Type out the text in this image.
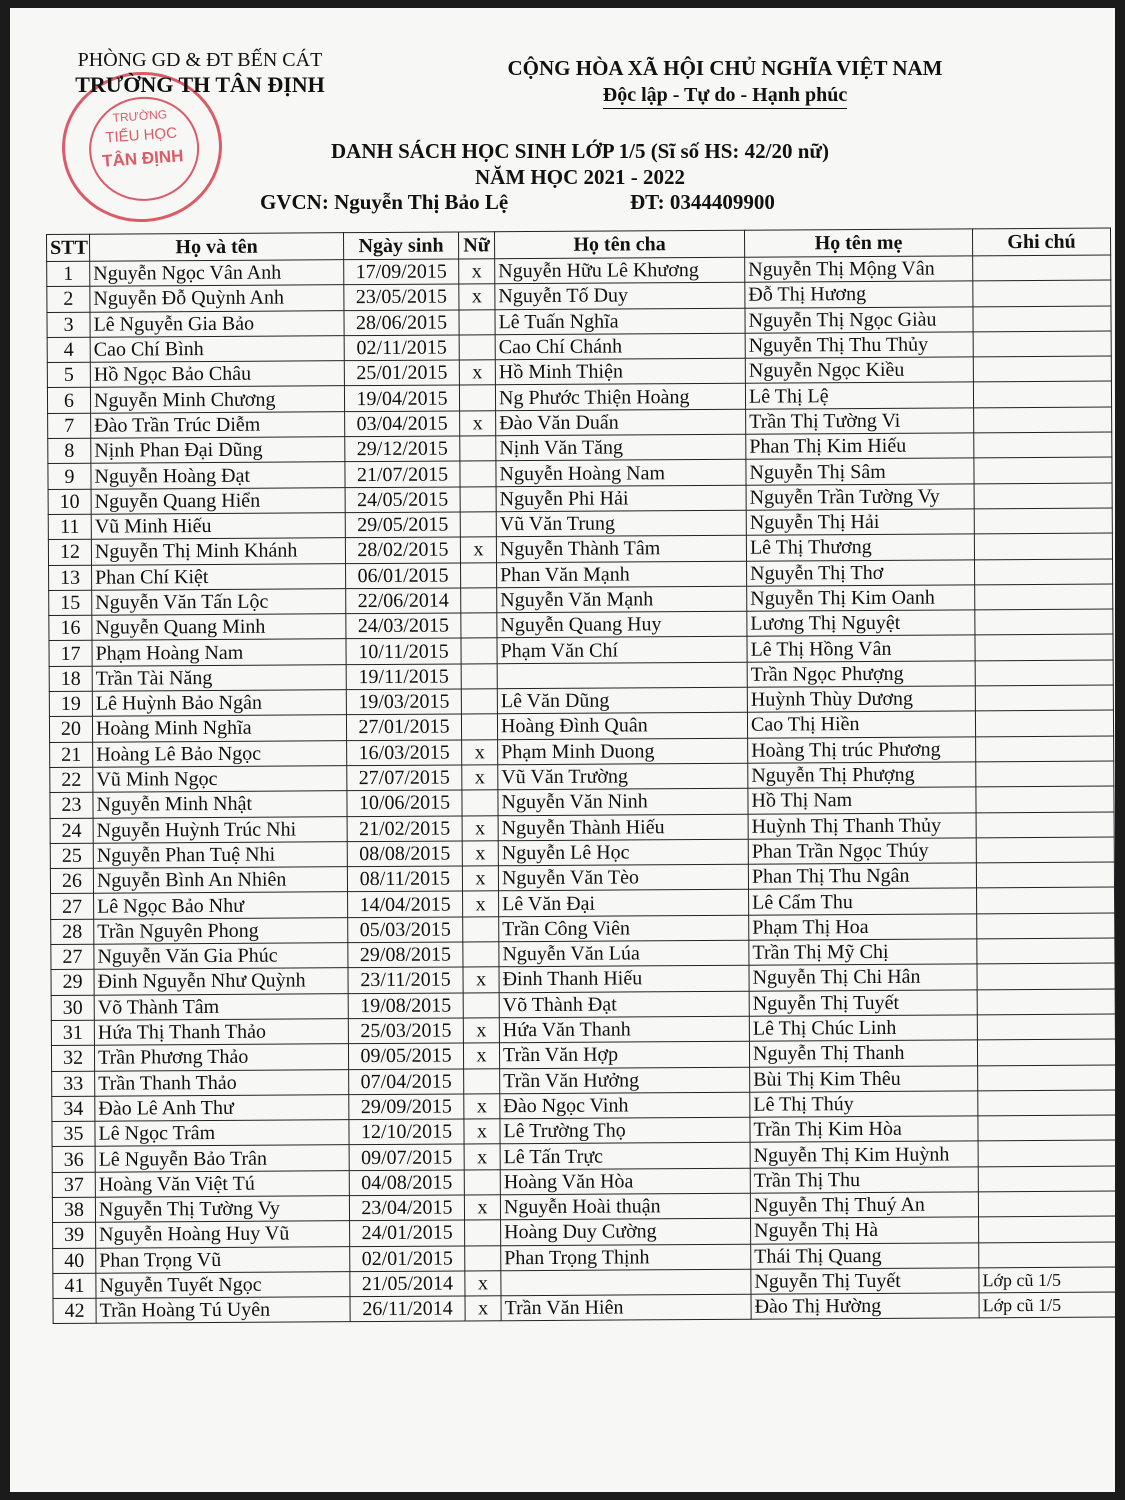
TRƯỜNG
TIỂU HỌC
TÂN ĐỊNH
PHÒNG GD & ĐT BẾN CÁT
TRƯỜNG TH TÂN ĐỊNH
CỘNG HÒA XÃ HỘI CHỦ NGHĨA VIỆT NAM
Độc lập - Tự do - Hạnh phúc
DANH SÁCH HỌC SINH LỚP 1/5 (Sĩ số HS: 42/20 nữ)
NĂM HỌC 2021 - 2022
GVCN: Nguyễn Thị Bảo Lệ	ĐT: 0344409900
STT	Họ và tên	Ngày sinh	Nữ	Họ tên cha	Họ tên mẹ	Ghi chú
1	Nguyễn Ngọc Vân Anh	17/09/2015	x	Nguyễn Hữu Lê Khương	Nguyễn Thị Mộng Vân	
2	Nguyễn Đỗ Quỳnh Anh	23/05/2015	x	Nguyễn Tố Duy	Đỗ Thị Hương	
3	Lê Nguyễn Gia Bảo	28/06/2015		Lê Tuấn Nghĩa	Nguyễn Thị Ngọc Giàu	
4	Cao Chí Bình	02/11/2015		Cao Chí Chánh	Nguyễn Thị Thu Thủy	
5	Hồ Ngọc Bảo Châu	25/01/2015	x	Hồ Minh Thiện	Nguyễn Ngọc Kiều	
6	Nguyễn Minh Chương	19/04/2015		Ng Phước Thiện Hoàng	Lê Thị Lệ	
7	Đào Trần Trúc Diễm	03/04/2015	x	Đào Văn Duẩn	Trần Thị Tường Vi	
8	Nịnh Phan Đại Dũng	29/12/2015		Nịnh Văn Tăng	Phan Thị Kim Hiếu	
9	Nguyễn Hoàng Đạt	21/07/2015		Nguyễn Hoàng Nam	Nguyễn Thị Sâm	
10	Nguyễn Quang Hiển	24/05/2015		Nguyễn Phi Hải	Nguyễn Trần Tường Vy	
11	Vũ Minh Hiếu	29/05/2015		Vũ Văn Trung	Nguyễn Thị Hải	
12	Nguyễn Thị Minh Khánh	28/02/2015	x	Nguyễn Thành Tâm	Lê Thị Thương	
13	Phan Chí Kiệt	06/01/2015		Phan Văn Mạnh	Nguyễn Thị Thơ	
15	Nguyễn Văn Tấn Lộc	22/06/2014		Nguyễn Văn Mạnh	Nguyễn Thị Kim Oanh	
16	Nguyễn Quang Minh	24/03/2015		Nguyễn Quang Huy	Lương Thị Nguyệt	
17	Phạm Hoàng Nam	10/11/2015		Phạm Văn Chí	Lê Thị Hồng Vân	
18	Trần Tài Năng	19/11/2015			Trần Ngọc Phượng	
19	Lê Huỳnh Bảo Ngân	19/03/2015		Lê Văn Dũng	Huỳnh Thùy Dương	
20	Hoàng Minh Nghĩa	27/01/2015		Hoàng Đình Quân	Cao Thị Hiền	
21	Hoàng Lê Bảo Ngọc	16/03/2015	x	Phạm Minh Duong	Hoàng Thị trúc Phương	
22	Vũ Minh Ngọc	27/07/2015	x	Vũ Văn Trường	Nguyễn Thị Phượng	
23	Nguyễn Minh Nhật	10/06/2015		Nguyễn Văn Ninh	Hồ Thị Nam	
24	Nguyễn Huỳnh Trúc Nhi	21/02/2015	x	Nguyễn Thành Hiếu	Huỳnh Thị Thanh Thủy	
25	Nguyễn Phan Tuệ Nhi	08/08/2015	x	Nguyễn Lê Học	Phan Trần Ngọc Thúy	
26	Nguyễn Bình An Nhiên	08/11/2015	x	Nguyễn Văn Tèo	Phan Thị Thu Ngân	
27	Lê Ngọc Bảo Như	14/04/2015	x	Lê Văn Đại	Lê Cẩm Thu	
28	Trần Nguyên Phong	05/03/2015		Trần Công Viên	Phạm Thị Hoa	
27	Nguyễn Văn Gia Phúc	29/08/2015		Nguyễn Văn Lúa	Trần Thị Mỹ Chị	
29	Đinh Nguyễn Như Quỳnh	23/11/2015	x	Đinh Thanh Hiếu	Nguyễn Thị Chi Hân	
30	Võ Thành Tâm	19/08/2015		Võ Thành Đạt	Nguyễn Thị Tuyết	
31	Hứa Thị Thanh Thảo	25/03/2015	x	Hứa Văn Thanh	Lê Thị Chúc Linh	
32	Trần Phương Thảo	09/05/2015	x	Trần Văn Hợp	Nguyễn Thị Thanh	
33	Trần Thanh Thảo	07/04/2015		Trần Văn Hưởng	Bùi Thị Kim Thêu	
34	Đào Lê Anh Thư	29/09/2015	x	Đào Ngọc Vinh	Lê Thị Thúy	
35	Lê Ngọc Trâm	12/10/2015	x	Lê Trường Thọ	Trần Thị Kim Hòa	
36	Lê Nguyễn Bảo Trân	09/07/2015	x	Lê Tấn Trực	Nguyễn Thị Kim Huỳnh	
37	Hoàng Văn Việt Tú	04/08/2015		Hoàng Văn Hòa	Trần Thị Thu	
38	Nguyễn Thị Tường Vy	23/04/2015	x	Nguyễn Hoài thuận	Nguyễn Thị Thuý An	
39	Nguyễn Hoàng Huy Vũ	24/01/2015		Hoàng Duy Cường	Nguyễn Thị Hà	
40	Phan Trọng Vũ	02/01/2015		Phan Trọng Thịnh	Thái Thị Quang	
41	Nguyễn Tuyết Ngọc	21/05/2014	x		Nguyễn Thị Tuyết	Lớp cũ 1/5
42	Trần Hoàng Tú Uyên	26/11/2014	x	Trần Văn Hiên	Đào Thị Hường	Lớp cũ 1/5
